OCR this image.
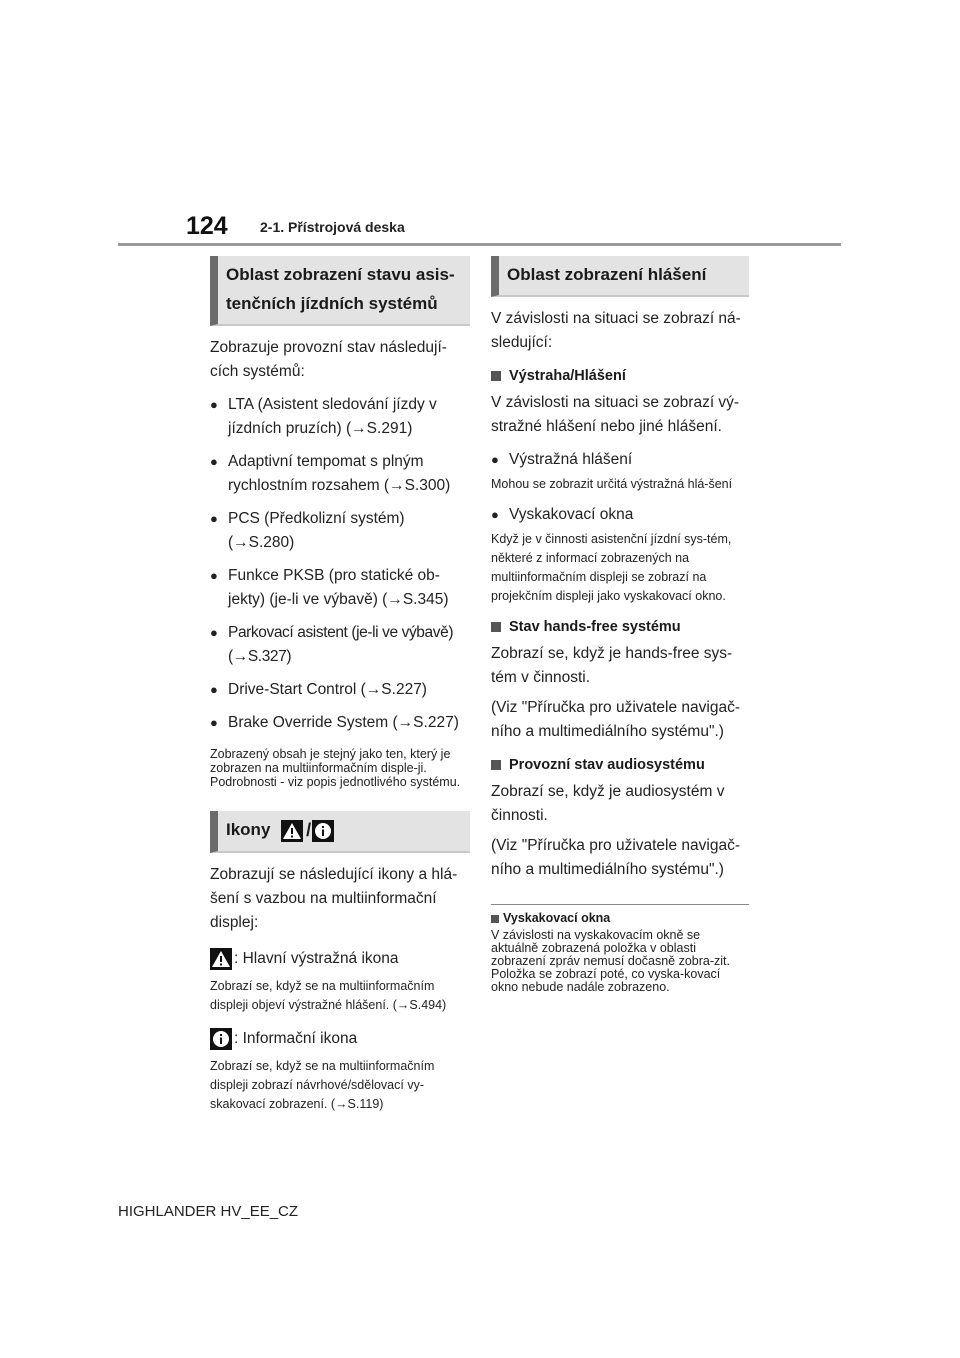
124 2-1. Přístrojová deska
Oblast zobrazení stavu asis-tenčních jízdních systémů
Zobrazuje provozní stav následují-cích systémů:
● LTA (Asistent sledování jízdy v jízdních pruzích) (→S.291)
● Adaptivní tempomat s plným rychlostním rozsahem (→S.300)
● PCS (Předkolizní systém) (→S.280)
● Funkce PKSB (pro statické ob-jekty) (je-li ve výbavě) (→S.345)
● Parkovací asistent (je-li ve výbavě) (→S.327)
● Drive-Start Control (→S.227)
● Brake Override System (→S.227)
Zobrazený obsah je stejný jako ten, který je zobrazen na multiinformačním disple-ji. Podrobnosti - viz popis jednotlivého systému.
Ikony /
Zobrazují se následující ikony a hlá-šení s vazbou na multiinformační displej:
: Hlavní výstražná ikona
Zobrazí se, když se na multiinformačním displeji objeví výstražné hlášení. (→S.494)
: Informační ikona
Zobrazí se, když se na multiinformačním displeji zobrazí návrhové/sdělovací vy-skakovací zobrazení. (→S.119)
Oblast zobrazení hlášení
V závislosti na situaci se zobrazí ná-sledující:
Výstraha/Hlášení
V závislosti na situaci se zobrazí vý-stražné hlášení nebo jiné hlášení.
● Výstražná hlášení
Mohou se zobrazit určitá výstražná hlá-šení
● Vyskakovací okna
Když je v činnosti asistenční jízdní sys-tém, některé z informací zobrazených na multiinformačním displeji se zobrazí na projekčním displeji jako vyskakovací okno.
Stav hands-free systému
Zobrazí se, když je hands-free sys-tém v činnosti.
(Viz "Příručka pro uživatele navigač-ního a multimediálního systému".)
Provozní stav audiosystému
Zobrazí se, když je audiosystém v činnosti.
(Viz "Příručka pro uživatele navigač-ního a multimediálního systému".)
Vyskakovací okna
V závislosti na vyskakovacím okně se aktuálně zobrazená položka v oblasti zobrazení zpráv nemusí dočasně zobra-zit. Položka se zobrazí poté, co vyska-kovací okno nebude nadále zobrazeno.
HIGHLANDER HV_EE_CZ
